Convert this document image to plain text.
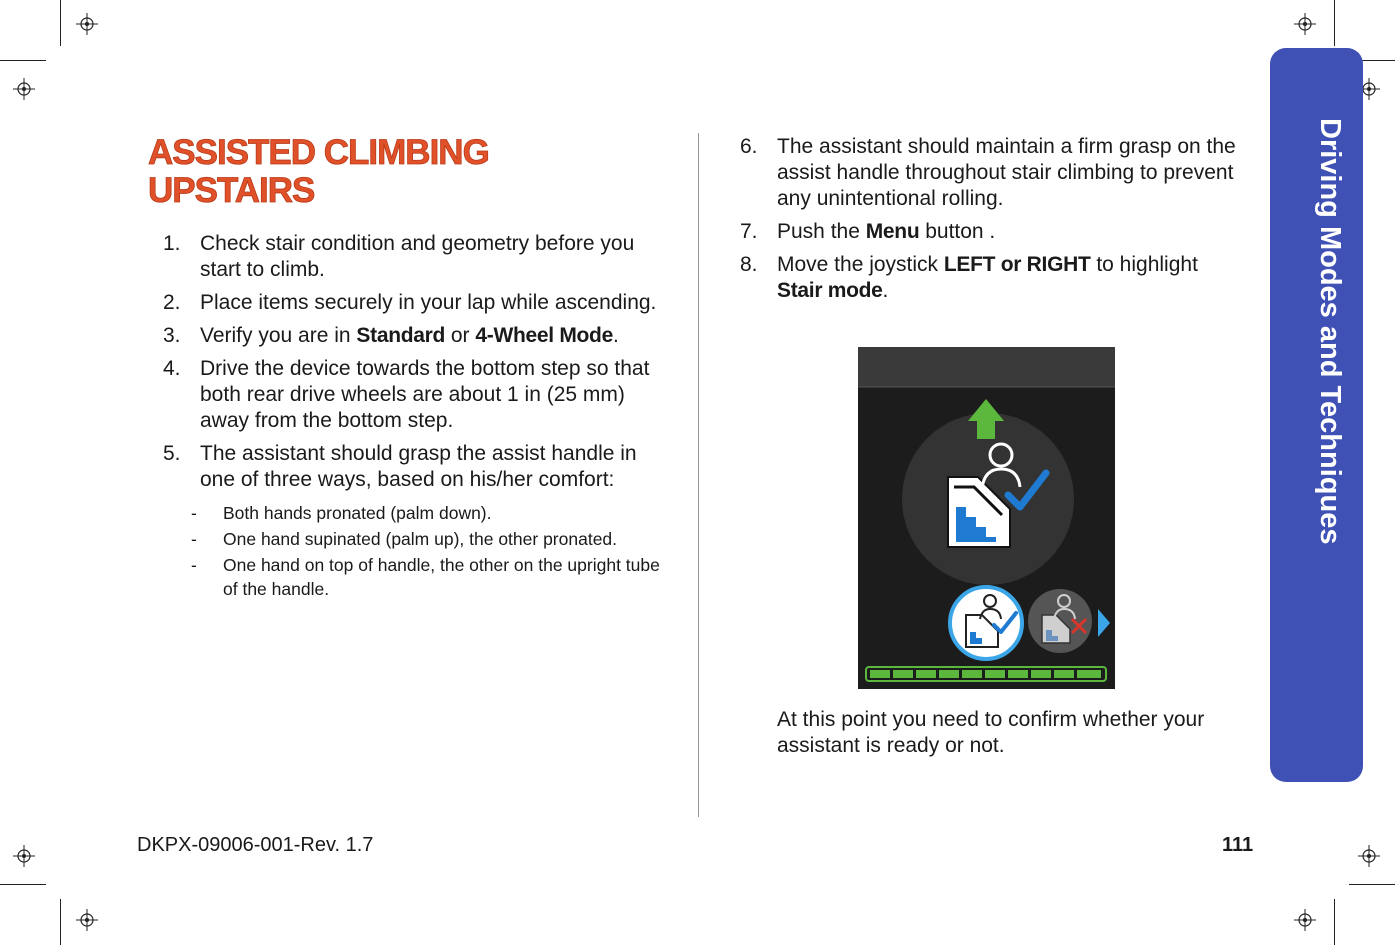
Driving Modes and Techniques
ASSISTED CLIMBING
UPSTAIRS
1. Check stair condition and geometry before you start to climb.
2. Place items securely in your lap while ascending.
3. Verify you are in Standard or 4-Wheel Mode.
4. Drive the device towards the bottom step so that both rear drive wheels are about 1 in (25 mm) away from the bottom step.
5. The assistant should grasp the assist handle in one of three ways, based on his/her comfort:
- Both hands pronated (palm down).
- One hand supinated (palm up), the other pronated.
- One hand on top of handle, the other on the upright tube of the handle.
6. The assistant should maintain a firm grasp on the assist handle throughout stair climbing to prevent any unintentional rolling.
7. Push the Menu button .
8. Move the joystick LEFT or RIGHT to highlight Stair mode.
At this point you need to confirm whether your assistant is ready or not.
DKPX-09006-001-Rev. 1.7	111
